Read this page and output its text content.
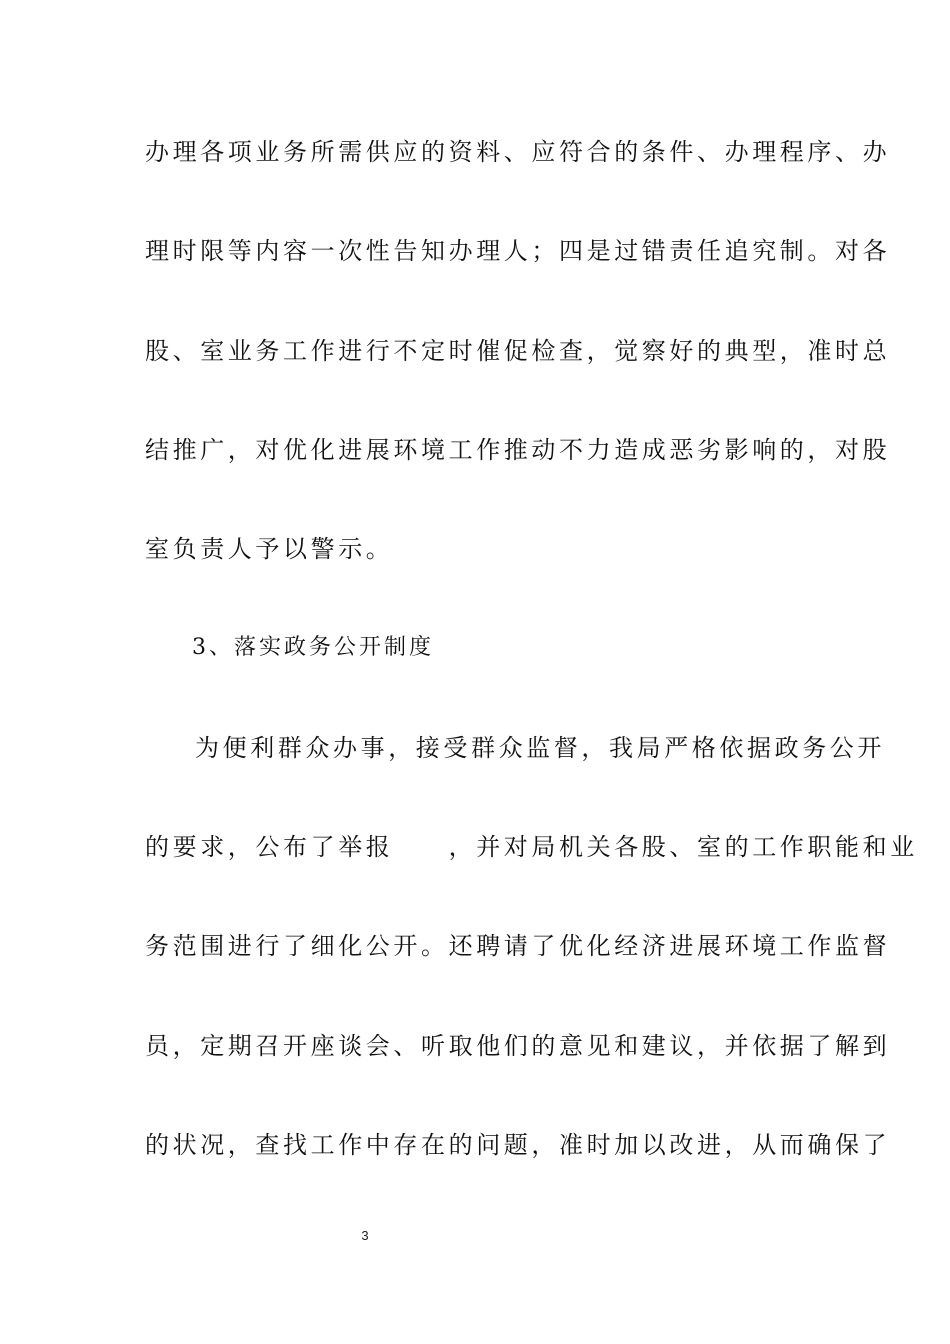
办理各项业务所需供应的资料、应符合的条件、办理程序、办
理时限等内容一次性告知办理人；四是过错责任追究制。对各
股、室业务工作进行不定时催促检查，觉察好的典型，准时总
结推广，对优化进展环境工作推动不力造成恶劣影响的，对股
室负责人予以警示。
3、落实政务公开制度
为便利群众办事，接受群众监督，我局严格依据政务公开
的要求，公布了举报　　，并对局机关各股、室的工作职能和业
务范围进行了细化公开。还聘请了优化经济进展环境工作监督
员，定期召开座谈会、听取他们的意见和建议，并依据了解到
的状况，查找工作中存在的问题，准时加以改进，从而确保了
3
